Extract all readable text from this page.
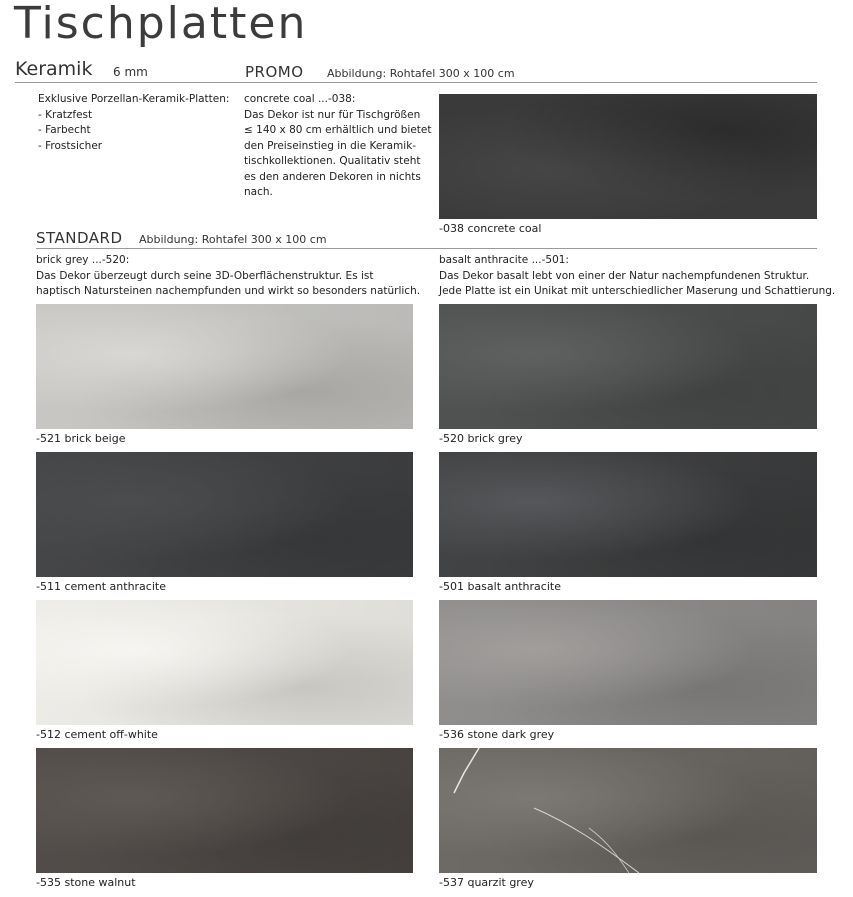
Tischplatten
Keramik 6 mm	PROMO Abbildung: Rohtafel 300 x 100 cm
Exklusive Porzellan-Keramik-Platten:
- Kratzfest
- Farbecht
- Frostsicher
concrete coal ...-038:
Das Dekor ist nur für Tischgrößen
≤ 140 x 80 cm erhältlich und bietet
den Preiseinstieg in die Keramik-
tischkollektionen. Qualitativ steht
es den anderen Dekoren in nichts
nach.
-038 concrete coal
STANDARD Abbildung: Rohtafel 300 x 100 cm
brick grey ...-520:
Das Dekor überzeugt durch seine 3D-Oberflächenstruktur. Es ist
haptisch Natursteinen nachempfunden und wirkt so besonders natürlich.
basalt anthracite ...-501:
Das Dekor basalt lebt von einer der Natur nachempfundenen Struktur.
Jede Platte ist ein Unikat mit unterschiedlicher Maserung und Schattierung.
-521 brick beige	-520 brick grey
-511 cement anthracite	-501 basalt anthracite
-512 cement off-white	-536 stone dark grey
-535 stone walnut	-537 quarzit grey
